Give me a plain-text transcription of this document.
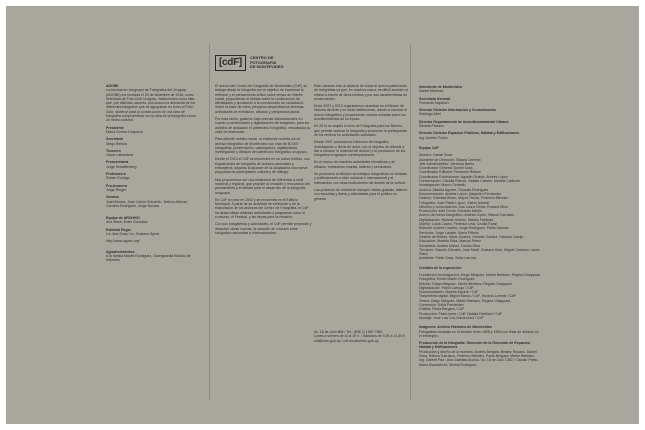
ADOBE
La Asociación Uruguaya de Fotógrafos del Uruguay (ADOBE) fue fundada el 26 de diciembre de 1935, como heredada de Foto-Club Uruguay. Instituciones como ésta que, por distintas razones, provocaron la demanda de los diferentes fotógrafos que se agrupaban en torno al Foto-Club, sirvieron para la construcción de una idea de fotografía comprometida con la idea de la fotografía como un hecho cultural.

Presidente
Diana Gomez Ezquerra

Secretario
Diego Bentos

Tesorero
Oscar Labandera

Prosecretaria
Jorge Schaffenberg

Protesorero
Ruben Rodrigo

Pro-tesorero
Jorge Ringer

Vocales
Juan Bentos, Juan Carlos Schoenb., Nelson Alfonso, Carolina Rodriguez, Jorge Novara

Equipo de ARCHIVO
Ana Macri, Ester Gonzalez

Editorial Regio
Lic. Ana Sosa, Lic. Gustavo Spera

http://www.agadu.org/

Agradecimientos
A la familia Manini Rodriguez, Ovanguardia Estudio de Informes

[cdF]	CENTRO DE
FOTOGRAFÍA
DE MONTEVIDEO

El acervo del Centro de Fotografía de Montevideo (CdF) se trabaja desde la fotografía con el objetivo de incentivar la reflexión y el pensamiento crítico sobre temas de interés social, proponiendo el debate sobre la construcción de identidades y apostando a la construcción de ciudadanía. Sobre la base de estos principios desarrollamos diversas actividades de exhibición, difusión y perspectiva plural.

Por esta razón, guiamos bajo normas internacionales en cuanto a conservación y digitalización de imágenes, para los ámbitos de actuación el patrimonio fotográfico, rescatando su valor de testimonio.

Para difundir nuestro fondo, la institución cuenta con el archivo fotográfico de Montevideo con más de 50.000 fotografías, preservación, catalogación, digitalización, investigación y difusión del patrimonio fotográfico uruguayo.

Desde el 2013 el CdF se encuentra en un nuevo edificio, con exposiciones de fotografía de autores nacionales y extranjeros, dejando al alcance de la ciudadanía una nueva propuesta de participación cultural y de diálogo.

Nos proponemos ser una institución de referencia a nivel nacional y regional, que propicie la creación y renovación del pensamiento y el debate para el desarrollo de la fotografía uruguaya.

En CdF se crea en 2002 y se encuentra en el Edificio Municipal. A partir de su actividad de exhibición y de la elaboración de los archivos del Centro de Fotografía, el CdF ha desarrollado distintas actividades y programas como el concurso, el Festival, y las becas para la creación.

Con sus fotogalerías y actividades, el CdF permite proyectar y descubrir obras nuevas, la creación de vínculos entre fotógrafos nacionales e internacionales.

Este volumen trae al alcance de todos el acervo patrimonial de fotografías ya que, en muchos casos, es difícil acceder al mismo a través de otros medios y por sus características de conservación.

Entre 2007 y 2013 organizamos muestras en el Museo de Historia del Arte y en otras instituciones, dando a conocer el acervo fotográfico y proponiendo nuevas miradas sobre los acontecimientos de su época.

En 2014 se amplió el ciclo de Fotografía para los Barrios, que permite acercar la fotografía y promover la participación de los vecinos en actividades culturales.

Desde 2007 producimos ediciones de fotografía, investigación y libros de autor, con el objetivo de difundir y dar a conocer el material del archivo y la producción de los fotógrafos uruguayos contemporáneos.

En el marco de nuestras actividades formativas y de difusión, realizamos charlas, talleres y seminarios.

Se promueve la difusión de trabajos fotográficos en revistas y publicaciones a nivel nacional e internacional y el intercambio con otras instituciones del ámbito de la cultura.

Los procesos de exhibición incluyen visitas guiadas, talleres con escuelas y liceos y actividades para el público en general.

Av. 18 de Julio 885 / Tel.: (598 2) 1950 7960
Lunes a viernes de 10 a 19 h. / Sábados de 9.30 a 14.30 h.
cdf@imm.gub.uy / cdf.montevideo.gub.uy

Intendente de Montevideo
Daniel Martínez

Secretaria General
Fernando Nopitsch

Director División Información y Comunicación
Santiago Abel

Director Departamento de Acondicionamiento Urbano
Silvana Pissano

Director División Espacios Públicos, Hábitat y Edificaciones
Ing. Andrés Poloni

Equipo CdF

Director: Daniel Sosa
Asistente de Dirección: Tatiana Carreno
Jefe Administrativo: Verónica Barrio
Coordinador General: Daniel Sosa
Coordinador Editorial: Fernando Ristom
Coordinador Exhibiciones: Agustín Oviedo, Andrés López
Conservación: Claudia Ramos, Natalia Castelo, Mariela Carbone
Investigación: Mauro Cervetto
Archivo: Mariela Aguirre, Gonzalo Rodríguez
Documentación: Andrea López, Alejandro Fernández
Gestión: Gabriela Bravo, Mayra Trevisi, Federico Méndez
Fotografía: Juan Pablo López, Carlos Amaral
Difusión y comunicación: Ana Laura Cerda, Rosana Silva
Producción: Inés Cerda, Eduardo Martín
Acervo del fondo fotográfico: Andrea López, Nelson Carrasco
Digitalización: Ricardo Gómez, Natalia Fabbiani
Diseño: Lucía Castro, Federico Leal, Cecilia Rossi
Editorial: Andrés Cuadra, Jorge Rodríguez, Pablo Damián
Servicios: Jorge Lavalle, María Piñeiro
Gestión de Redes: Mario Álvarez, Germán Gómez, Fabiana Clavijo
Educación: Mariela Silva, Marcos Pérez
Secretaría: Andrés Núñez, Cecilia Silva
Técnicos: Claudio Carvallo, José Martí, Gustavo Soto, Miguel Cardoso, Laura Parisi
Asistente: Pablo Sosa, Sofía Larrosa

Créditos de la exposición

Curaduría e investigación: Diego Mieguez, Martín Bentanc, Regina Chiappara
Fotografía: Emilio Martín Rodríguez
Edición: Diego Mieguez, Martín Bentanc, Regina Chiappara
Digitalización: Pablo Carrugo / CdF
Documentación: Mariela Aguirre / CdF
Tratamiento digital: Miguel Marco / CdF, Horacio Lorente / CdF
Textos: Diego Mieguez, Martín Bentanc, Regina Chiappara
Corrección: Sofía Fernández
Gráfica: Paola Bergara / CdF
Producción: Pablo Ipres / CdF, Natalia Fabbiani / CdF
Montaje: José Luis Cat, Daniel Azul / CdF

Imágenes: Archivo Histórico de Montevideo
Fotografías tomadas en el Archivo entre 1898 y 1903 con fines de difusión en el extranjero.

Producción de la fotografía: Dirección de la Dirección de Espacios, Hábitat y Edificaciones
Producción y diseño de la muestra: Andrés Bergara, Beatriz Rosano, Daniel Sosa, Nelson Carrasco, Federico Méndez, Paola Bergara, Martín Bentanc. Ing. Gabriel Paz / Ana Gabriela Avalos / Av. 18 de Julio 1360 / Claudio Prieto, María Mancheroni, Silvina Rodríguez
